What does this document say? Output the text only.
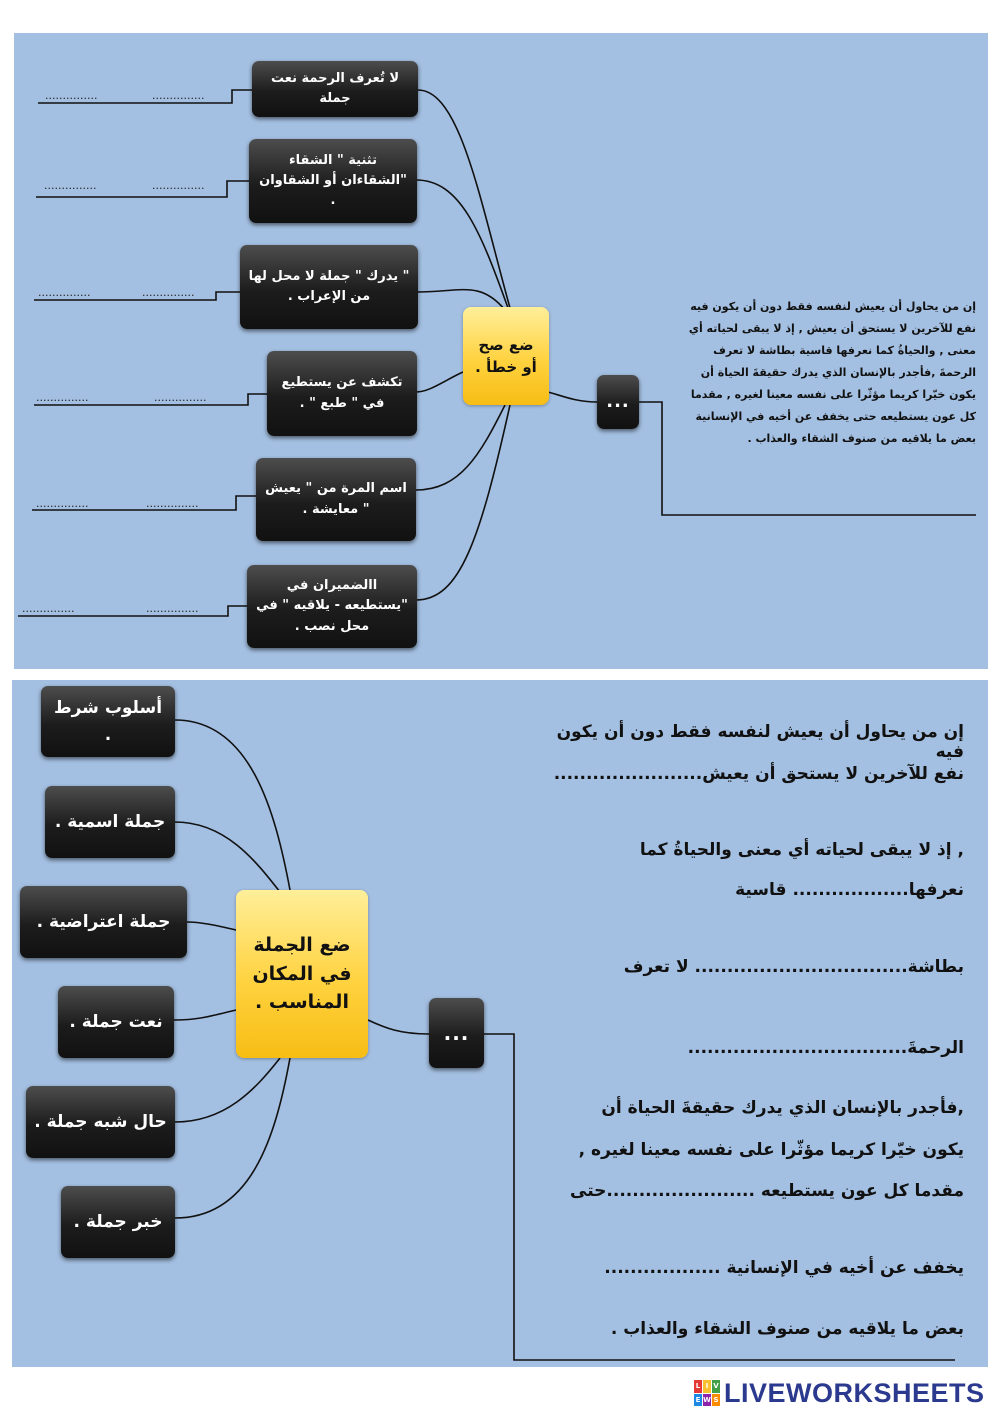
ضع صح أو خطأ .
...
إن من يحاول أن يعيش لنفسه فقط دون أن يكون فيه نفع للآخرين لا يستحق أن يعيش , إذ لا يبقى لحياته أي معنى , والحياةُ كما نعرفها قاسية بطاشة لا تعرف الرحمةَ ,فأجدر بالإنسان الذي يدرك حقيقةَ الحياة أن يكون خيّرا كريما مؤثّرا على نفسه معينا لغيره , مقدما كل عون يستطيعه حتى يخفف عن أخيه في الإنسانية بعض ما يلاقيه من صنوف الشقاء والعذاب .
لا تُعرف الرحمة نعت جملة
تثنية " الشقاء "الشقاءان أو الشقاوان .
" يدرك " جملة لا محل لها من الإعراب .
تكشف عن يستطيع في " طبع " .
اسم المرة من " يعيش " معايشة .
االضميران في "يستطيعه - يلاقيه " في محل نصب .
...............	...............
...............	...............
...............	...............
...............	...............
...............	...............
...............	...............
ضع الجملة في المكان المناسب .
...
أسلوب شرط .
جملة اسمية .
جملة اعتراضية .
نعت جملة .
حال شبه جملة .
خبر جملة .
إن من يحاول أن يعيش لنفسه فقط دون أن يكون فيه
نفع للآخرين لا يستحق أن يعيش.......................
, إذ لا يبقى لحياته أي معنى والحياةُ كما
نعرفها.................. قاسية
بطاشة................................. لا تعرف
الرحمةَ..................................
,فأجدر بالإنسان الذي يدرك حقيقةَ الحياة أن
يكون خيّرا كريما مؤثّرا على نفسه معينا لغيره ,
مقدما كل عون يستطيعه .......................حتى
يخفف عن أخيه في الإنسانية ..................
بعض ما يلاقيه من صنوف الشقاء والعذاب .
L I V
E W S LIVEWORKSHEETS
